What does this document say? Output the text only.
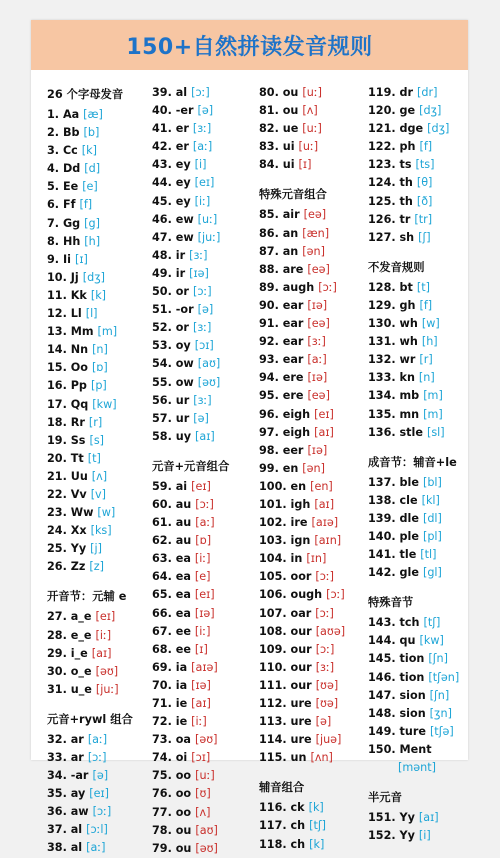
150+自然拼读发音规则
26 个字母发音
1. Aa [æ]
2. Bb [b]
3. Cc [k]
4. Dd [d]
5. Ee [e]
6. Ff [f]
7. Gg [g]
8. Hh [h]
9. Ii [ɪ]
10. Jj [dʒ]
11. Kk [k]
12. Ll [l]
13. Mm [m]
14. Nn [n]
15. Oo [ɒ]
16. Pp [p]
17. Qq [kw]
18. Rr [r]
19. Ss [s]
20. Tt [t]
21. Uu [ʌ]
22. Vv [v]
23. Ww [w]
24. Xx [ks]
25. Yy [j]
26. Zz [z]
开音节：元辅 e
27. a_e [eɪ]
28. e_e [iː]
29. i_e [aɪ]
30. o_e [əʊ]
31. u_e [juː]
元音+rywl 组合
32. ar [aː]
33. ar [ɔː]
34. -ar [ə]
35. ay [eɪ]
36. aw [ɔː]
37. al [ɔːl]
38. al [aː]
39. al [ɔː]
40. -er [ə]
41. er [ɜː]
42. er [aː]
43. ey [i]
44. ey [eɪ]
45. ey [iː]
46. ew [uː]
47. ew [juː]
48. ir [ɜː]
49. ir [ɪə]
50. or [ɔː]
51. -or [ə]
52. or [ɜː]
53. oy [ɔɪ]
54. ow [aʊ]
55. ow [əʊ]
56. ur [ɜː]
57. ur [ə]
58. uy [aɪ]
元音+元音组合
59. ai [eɪ]
60. au [ɔː]
61. au [aː]
62. au [ɒ]
63. ea [iː]
64. ea [e]
65. ea [eɪ]
66. ea [ɪə]
67. ee [iː]
68. ee [ɪ]
69. ia [aɪə]
70. ia [ɪə]
71. ie [aɪ]
72. ie [iː]
73. oa [əʊ]
74. oi [ɔɪ]
75. oo [uː]
76. oo [ʊ]
77. oo [ʌ]
78. ou [aʊ]
79. ou [əʊ]
80. ou [uː]
81. ou [ʌ]
82. ue [uː]
83. ui [uː]
84. ui [ɪ]
特殊元音组合
85. air [eə]
86. an [æn]
87. an [ən]
88. are [eə]
89. augh [ɔː]
90. ear [ɪə]
91. ear [eə]
92. ear [ɜː]
93. ear [aː]
94. ere [ɪə]
95. ere [eə]
96. eigh [eɪ]
97. eigh [aɪ]
98. eer [ɪə]
99. en [ən]
100. en [en]
101. igh [aɪ]
102. ire [aɪə]
103. ign [aɪn]
104. in [ɪn]
105. oor [ɔː]
106. ough [ɔː]
107. oar [ɔː]
108. our [aʊə]
109. our [ɔː]
110. our [ɜː]
111. our [ʊə]
112. ure [ʊə]
113. ure [ə]
114. ure [juə]
115. un [ʌn]
辅音组合
116. ck [k]
117. ch [tʃ]
118. ch [k]
119. dr [dr]
120. ge [dʒ]
121. dge [dʒ]
122. ph [f]
123. ts [ts]
124. th [θ]
125. th [ð]
126. tr [tr]
127. sh [ʃ]
不发音规则
128. bt [t]
129. gh [f]
130. wh [w]
131. wh [h]
132. wr [r]
133. kn [n]
134. mb [m]
135. mn [m]
136. stle [sl]
成音节：辅音+le
137. ble [bl]
138. cle [kl]
139. dle [dl]
140. ple [pl]
141. tle [tl]
142. gle [gl]
特殊音节
143. tch [tʃ]
144. qu [kw]
145. tion [ʃn]
146. tion [tʃən]
147. sion [ʃn]
148. sion [ʒn]
149. ture [tʃə]
150. Ment
[mənt]
半元音
151. Yy [aɪ]
152. Yy [i]
